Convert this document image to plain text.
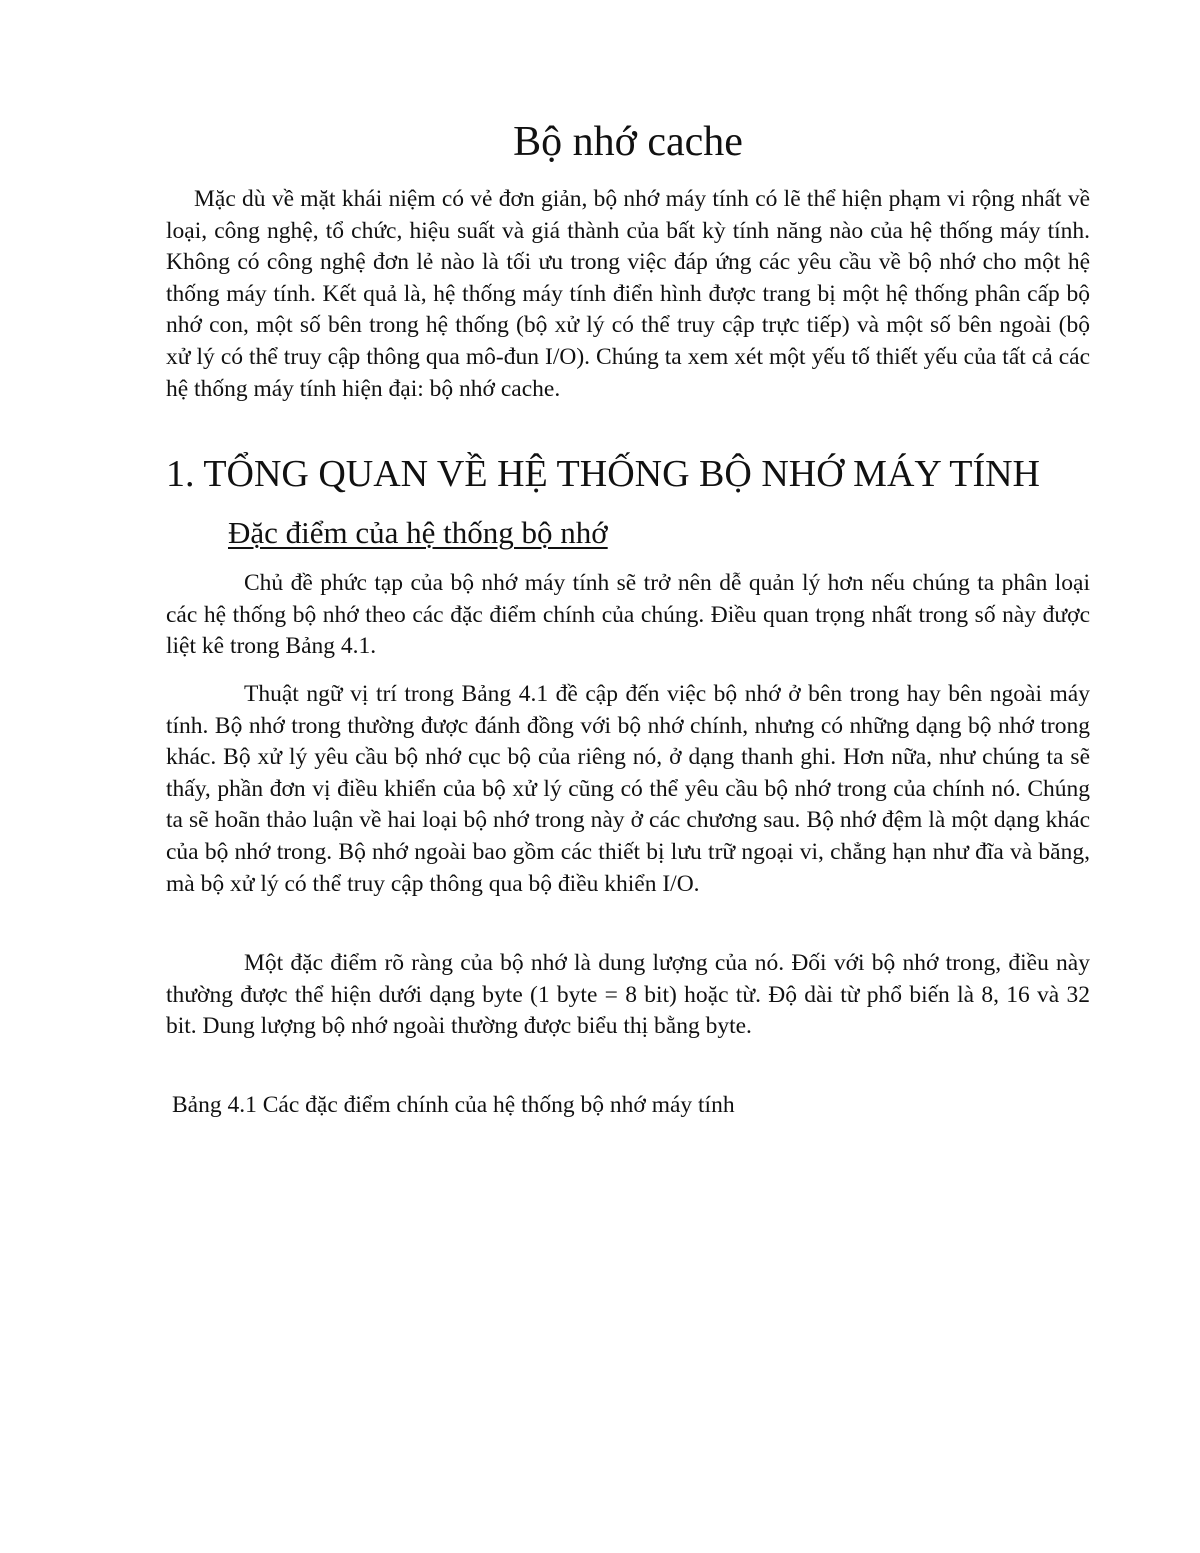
Bộ nhớ cache

Mặc dù về mặt khái niệm có vẻ đơn giản, bộ nhớ máy tính có lẽ thể hiện phạm vi rộng nhất về loại, công nghệ, tổ chức, hiệu suất và giá thành của bất kỳ tính năng nào của hệ thống máy tính. Không có công nghệ đơn lẻ nào là tối ưu trong việc đáp ứng các yêu cầu về bộ nhớ cho một hệ thống máy tính. Kết quả là, hệ thống máy tính điển hình được trang bị một hệ thống phân cấp bộ nhớ con, một số bên trong hệ thống (bộ xử lý có thể truy cập trực tiếp) và một số bên ngoài (bộ xử lý có thể truy cập thông qua mô-đun I/O). Chúng ta xem xét một yếu tố thiết yếu của tất cả các hệ thống máy tính hiện đại: bộ nhớ cache.

1. TỔNG QUAN VỀ HỆ THỐNG BỘ NHỚ MÁY TÍNH
Đặc điểm của hệ thống bộ nhớ

Chủ đề phức tạp của bộ nhớ máy tính sẽ trở nên dễ quản lý hơn nếu chúng ta phân loại các hệ thống bộ nhớ theo các đặc điểm chính của chúng. Điều quan trọng nhất trong số này được liệt kê trong Bảng 4.1.

Thuật ngữ vị trí trong Bảng 4.1 đề cập đến việc bộ nhớ ở bên trong hay bên ngoài máy tính. Bộ nhớ trong thường được đánh đồng với bộ nhớ chính, nhưng có những dạng bộ nhớ trong khác. Bộ xử lý yêu cầu bộ nhớ cục bộ của riêng nó, ở dạng thanh ghi. Hơn nữa, như chúng ta sẽ thấy, phần đơn vị điều khiển của bộ xử lý cũng có thể yêu cầu bộ nhớ trong của chính nó. Chúng ta sẽ hoãn thảo luận về hai loại bộ nhớ trong này ở các chương sau. Bộ nhớ đệm là một dạng khác của bộ nhớ trong. Bộ nhớ ngoài bao gồm các thiết bị lưu trữ ngoại vi, chẳng hạn như đĩa và băng, mà bộ xử lý có thể truy cập thông qua bộ điều khiển I/O.

Một đặc điểm rõ ràng của bộ nhớ là dung lượng của nó. Đối với bộ nhớ trong, điều này thường được thể hiện dưới dạng byte (1 byte = 8 bit) hoặc từ. Độ dài từ phổ biến là 8, 16 và 32 bit. Dung lượng bộ nhớ ngoài thường được biểu thị bằng byte.

Bảng 4.1 Các đặc điểm chính của hệ thống bộ nhớ máy tính
